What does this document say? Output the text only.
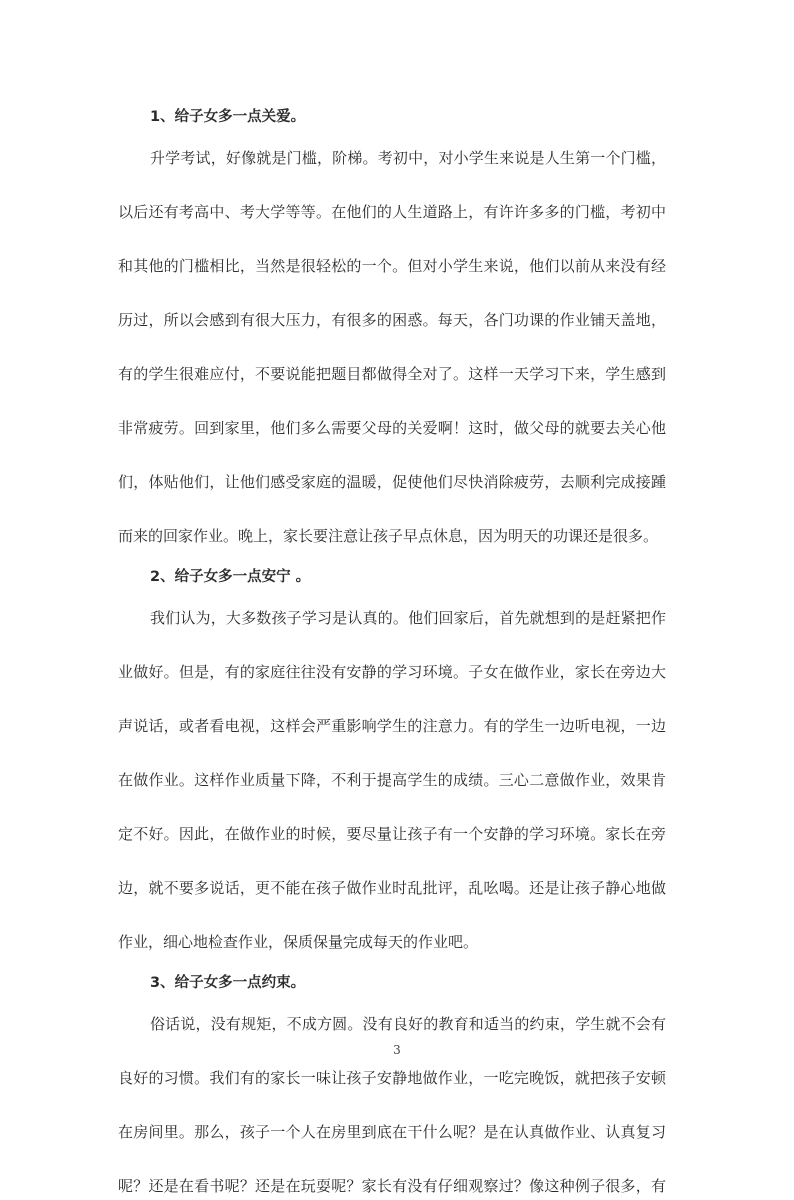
1、给子女多一点关爱。

升学考试，好像就是门槛，阶梯。考初中，对小学生来说是人生第一个门槛，

以后还有考高中、考大学等等。在他们的人生道路上，有许许多多的门槛，考初中

和其他的门槛相比，当然是很轻松的一个。但对小学生来说，他们以前从来没有经

历过，所以会感到有很大压力，有很多的困惑。每天，各门功课的作业铺天盖地，

有的学生很难应付，不要说能把题目都做得全对了。这样一天学习下来，学生感到

非常疲劳。回到家里，他们多么需要父母的关爱啊！这时，做父母的就要去关心他

们，体贴他们，让他们感受家庭的温暖，促使他们尽快消除疲劳，去顺利完成接踵

而来的回家作业。晚上，家长要注意让孩子早点休息，因为明天的功课还是很多。

2、给子女多一点安宁 。

我们认为，大多数孩子学习是认真的。他们回家后，首先就想到的是赶紧把作

业做好。但是，有的家庭往往没有安静的学习环境。子女在做作业，家长在旁边大

声说话，或者看电视，这样会严重影响学生的注意力。有的学生一边听电视，一边

在做作业。这样作业质量下降，不利于提高学生的成绩。三心二意做作业，效果肯

定不好。因此，在做作业的时候，要尽量让孩子有一个安静的学习环境。家长在旁

边，就不要多说话，更不能在孩子做作业时乱批评，乱吆喝。还是让孩子静心地做

作业，细心地检查作业，保质保量完成每天的作业吧。

3、给子女多一点约束。

俗话说，没有规矩，不成方圆。没有良好的教育和适当的约束，学生就不会有

良好的习惯。我们有的家长一味让孩子安静地做作业，一吃完晚饭，就把孩子安顿

在房间里。那么，孩子一个人在房里到底在干什么呢？是在认真做作业、认真复习

呢？还是在看书呢？还是在玩耍呢？家长有没有仔细观察过？像这种例子很多，有

3
